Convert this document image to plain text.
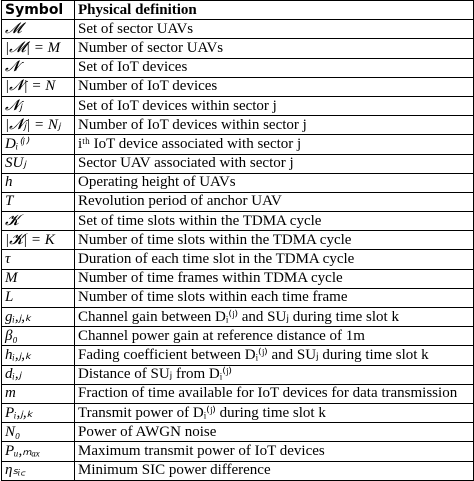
Symbol	Physical definition
𝓜	Set of sector UAVs
|𝓜| = M	Number of sector UAVs
𝓝	Set of IoT devices
|𝓝| = N	Number of IoT devices
𝓝ⱼ	Set of IoT devices within sector j
|𝓝ⱼ| = Nⱼ	Number of IoT devices within sector j
Dᵢ⁽ʲ⁾	iᵗʰ IoT device associated with sector j
SUⱼ	Sector UAV associated with sector j
h	Operating height of UAVs
T	Revolution period of anchor UAV
𝓚	Set of time slots within the TDMA cycle
|𝓚| = K	Number of time slots within the TDMA cycle
τ	Duration of each time slot in the TDMA cycle
M	Number of time frames within TDMA cycle
L	Number of time slots within each time frame
gᵢ,ⱼ,ₖ	Channel gain between Dᵢ⁽ʲ⁾ and SUⱼ during time slot k
β₀	Channel power gain at reference distance of 1m
hᵢ,ⱼ,ₖ	Fading coefficient between Dᵢ⁽ʲ⁾ and SUⱼ during time slot k
dᵢ,ⱼ	Distance of SUⱼ from Dᵢ⁽ʲ⁾
m	Fraction of time available for IoT devices for data transmission
Pᵢ,ⱼ,ₖ	Transmit power of Dᵢ⁽ʲ⁾ during time slot k
N₀	Power of AWGN noise
Pᵤ,ₘₐₓ	Maximum transmit power of IoT devices
ηₛᵢ꜀	Minimum SIC power difference
